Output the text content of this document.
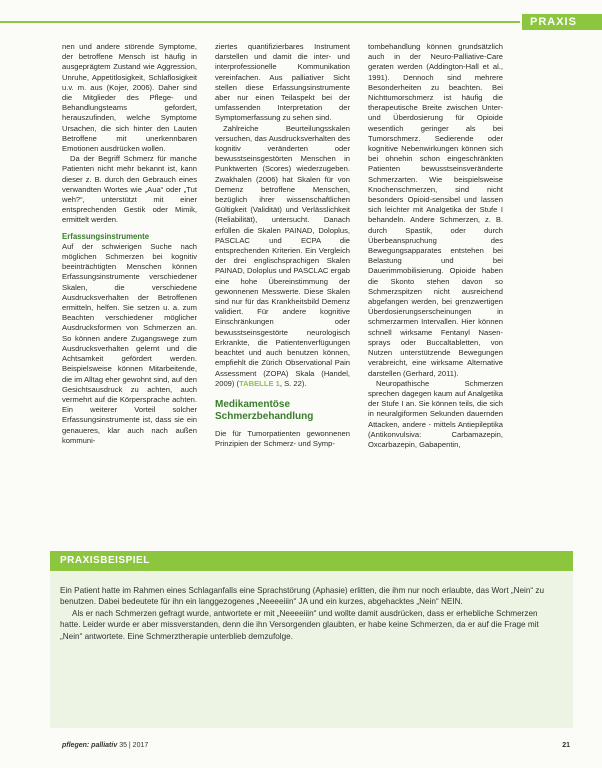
PRAXIS

nen und andere störende Symptome, der betroffene Mensch ist häufig in ausgeprägtem Zustand wie Aggression, Unruhe, Appetitlosigkeit, Schlaflosigkeit u.v. m. aus (Kojer, 2006). Daher sind die Mitglieder des Pflege- und Behandlungsteams gefordert, herauszufinden, welche Symptome Ursachen, die sich hinter den Lauten Betroffene mit unerkennbaren Emotionen ausdrücken wollen.

Da der Begriff Schmerz für manche Patienten nicht mehr bekannt ist, kann dieser z. B. durch den Gebrauch eines verwandten Wortes wie „Aua“ oder „Tut weh?“, unterstützt mit einer entsprechenden Gestik oder Mimik, ermittelt werden.

Erfassungsinstrumente

Auf der schwierigen Suche nach möglichen Schmerzen bei kognitiv beeinträchtigten Menschen können Erfassungsinstrumente verschiedener Skalen, die verschiedene Ausdrucksverhalten der Betroffenen ermitteln, helfen. Sie setzen u. a. zum Beachten verschiedener möglicher Ausdrucksformen von Schmerzen an. So können andere Zugangswege zum Ausdrucksverhalten gelernt und die Achtsamkeit gefördert werden. Beispielsweise können Mitarbeitende, die im Alltag eher gewohnt sind, auf den Gesichtsausdruck zu achten, auch vermehrt auf die Körpersprache achten. Ein weiterer Vorteil solcher Erfassungsinstrumente ist, dass sie ein genaueres, klar auch nach außen kommuni-

ziertes quantifizierbares Instrument darstellen und damit die inter- und interprofessionelle Kommunikation vereinfachen. Aus palliativer Sicht stellen diese Erfassungsinstrumente aber nur einen Teilaspekt bei der umfassenden Interpretation der Symptomerfassung zu sehen sind.

Zahlreiche Beurteilungsskalen versuchen, das Ausdrucksverhalten des kognitiv veränderten oder bewusstseinsgestörten Menschen in Punktwerten (Scores) wiederzugeben. Zwakhalen (2006) hat Skalen für von Demenz betroffene Menschen, bezüglich ihrer wissenschaftlichen Gültigkeit (Validität) und Verlässlichkeit (Reliabilität), untersucht. Danach erfüllen die Skalen PAINAD, Doloplus, PASCLAC und ECPA die entsprechenden Kriterien. Ein Vergleich der drei englischsprachigen Skalen PAINAD, Doloplus und PASCLAC ergab eine hohe Übereinstimmung der gewonnenen Messwerte. Diese Skalen sind nur für das Krankheitsbild Demenz validiert. Für andere kognitive Einschränkungen oder bewusstseinsgestörte neurologisch Erkrankte, die Patientenverfügungen beachtet und auch benutzen können, empfiehlt die Zürich Observational Pain Assessment (ZOPA) Skala (Handel, 2009) (TABELLE 1, S. 22).

Medikamentöse Schmerzbehandlung

Die für Tumorpatienten gewonnenen Prinzipien der Schmerz- und Symp-

tombehandlung können grundsätzlich auch in der Neuro-Palliative-Care geraten werden (Addington-Hall et al., 1991). Dennoch sind mehrere Besonderheiten zu beachten. Bei Nichttumorschmerz ist häufig die therapeutische Breite zwischen Unter- und Überdosierung für Opioide wesentlich geringer als bei Tumorschmerz. Sedierende oder kognitive Nebenwirkungen können sich bei ohnehin schon eingeschränkten Patienten bewusstseinsveränderte Schmerzarten. Wie beispielsweise Knochenschmerzen, sind nicht besonders Opioid-sensibel und lassen sich leichter mit Analgetika der Stufe I behandeln. Andere Schmerzen, z. B. durch Spastik, oder durch Überbeanspruchung des Bewegungsapparates entstehen bei Belastung und bei Dauerimmobilisierung. Opioide haben die Skonto stehen davon so Schmerzspitzen nicht ausreichend abgefangen werden, bei grenzwertigen Überdosierungserscheinungen in schmerzarmen Intervallen. Hier können schnell wirksame Fentanyl Nasen-sprays oder Buccaltabletten, von Nutzen unterstützende Bewegungen verabreicht, eine wirksame Alternative darstellen (Gerhard, 2011).

Neuropathische Schmerzen sprechen dagegen kaum auf Analgetika der Stufe I an. Sie können teils, die sich in neuralgiformen Sekunden dauernden Attacken, andere - mittels Antiepileptika (Antikonvulsiva: Carbamazepin, Oxcarbazepin, Gabapentin,

PRAXISBEISPIEL

Ein Patient hatte im Rahmen eines Schlaganfalls eine Sprachstörung (Aphasie) erlitten, die ihm nur noch erlaubte, das Wort „Nein“ zu benutzen. Dabei bedeutete für ihn ein langgezogenes „Neeeeiiin“ JA und ein kurzes, abgehacktes „Nein“ NEIN.

Als er nach Schmerzen gefragt wurde, antwortete er mit „Neeeeiiin“ und wollte damit ausdrücken, dass er erhebliche Schmerzen hatte. Leider wurde er aber missverstanden, denn die ihn Versorgenden glaubten, er habe keine Schmerzen, da er auf die Frage mit „Nein“ antwortete. Eine Schmerztherapie unterblieb demzufolge.

pflegen: palliativ 35 | 2017	21
